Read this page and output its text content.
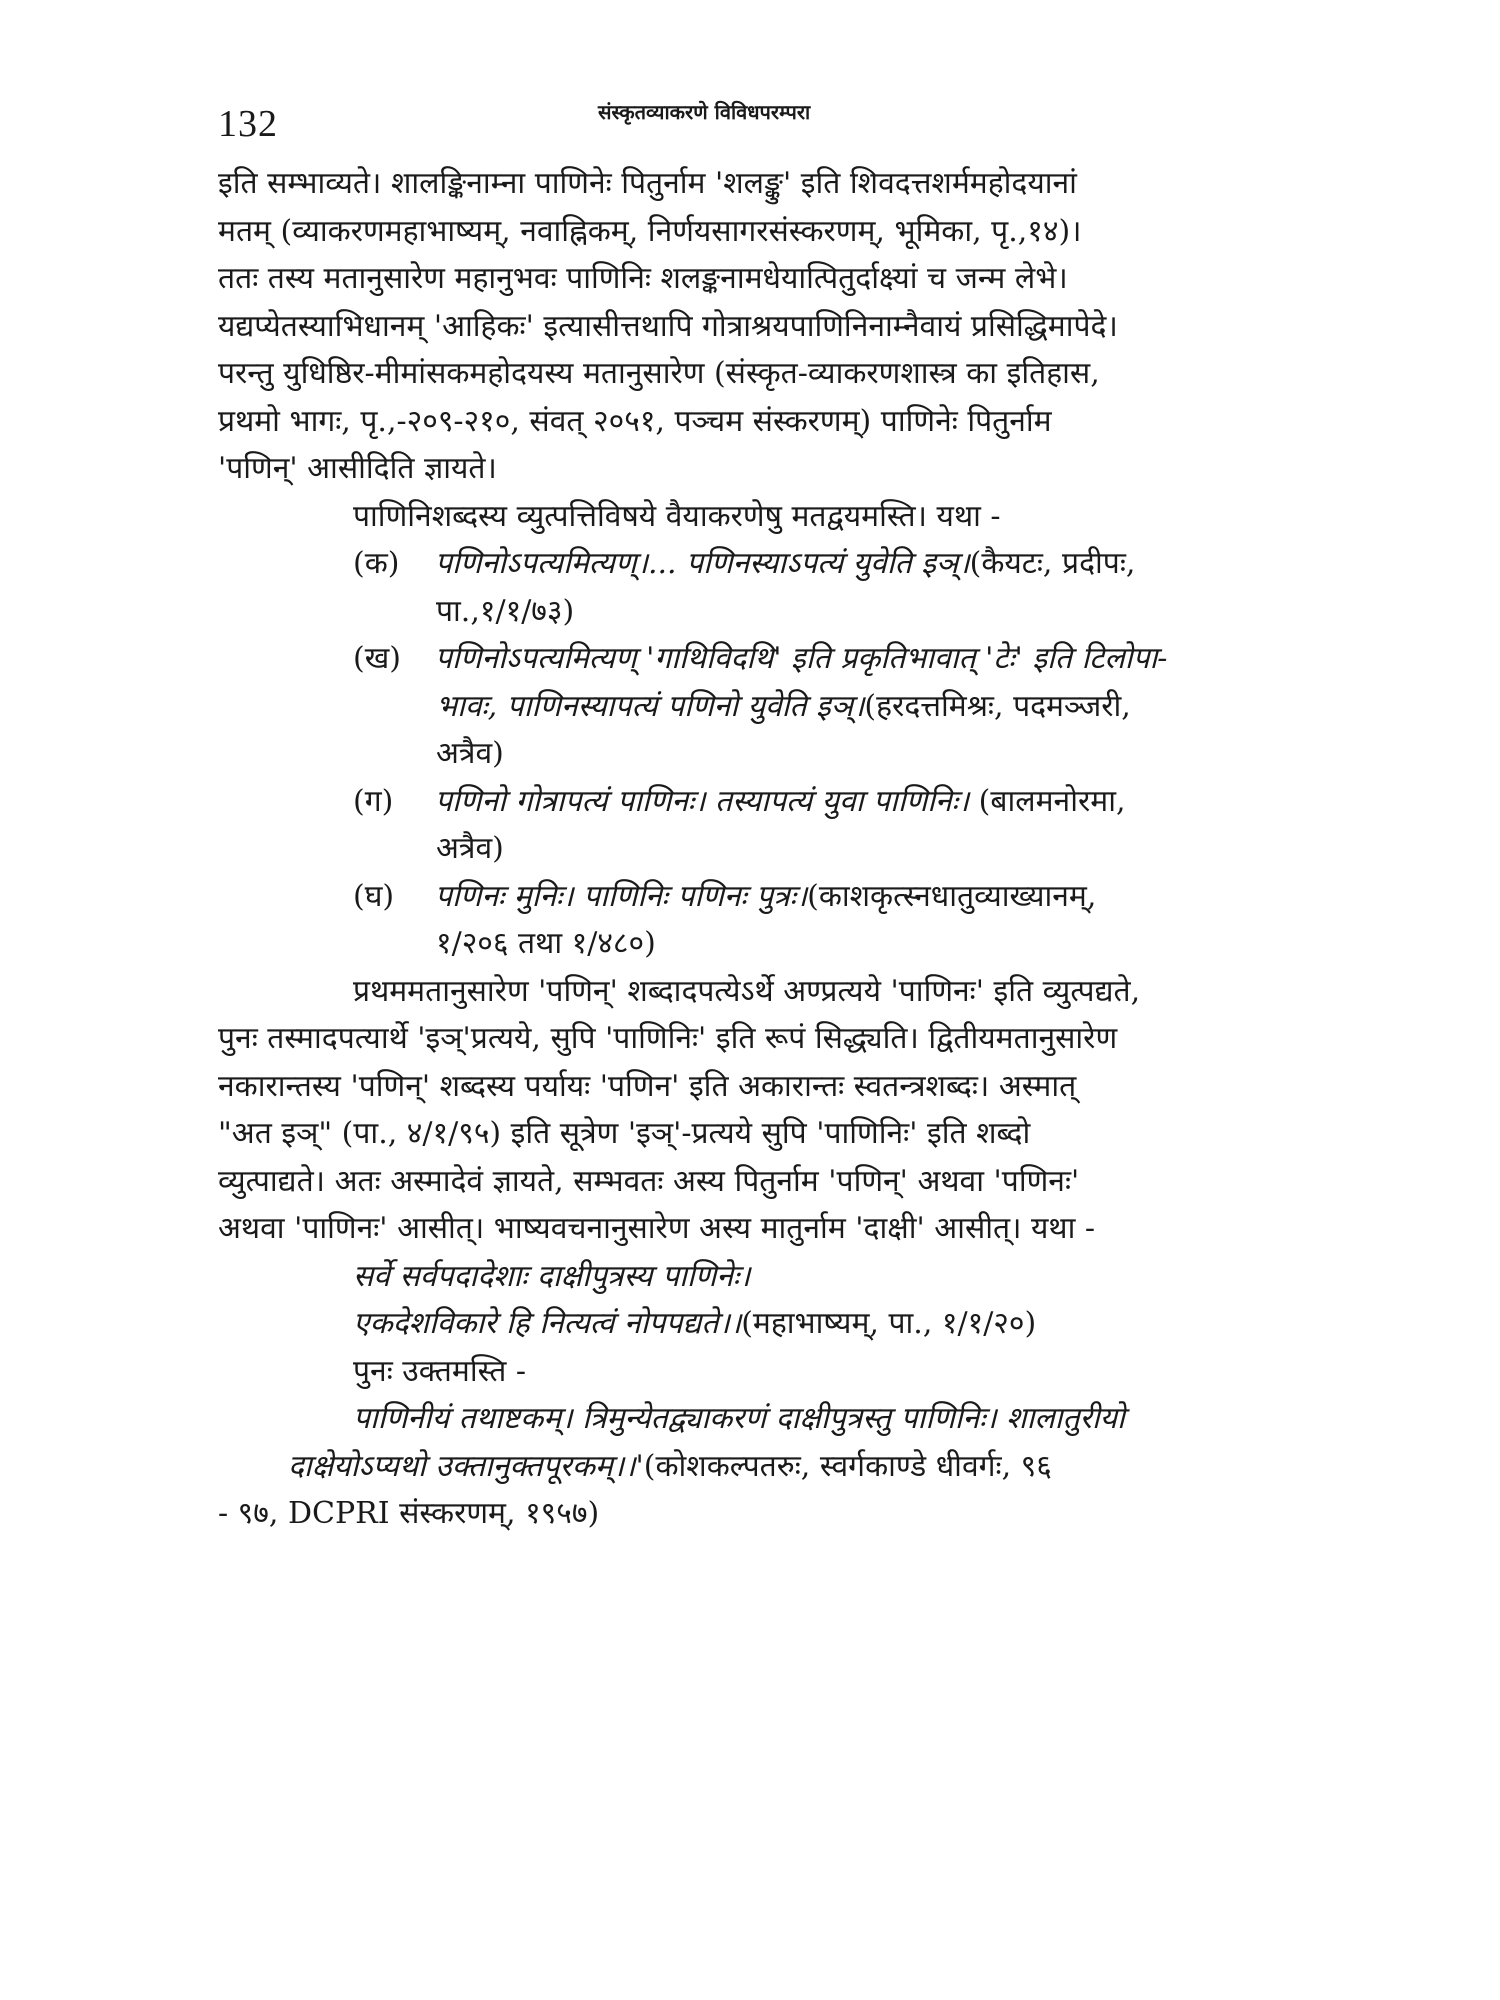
132	संस्कृतव्याकरणे विविधपरम्परा
इति सम्भाव्यते। शालङ्किनाम्ना पाणिनेः पितुर्नाम 'शलङ्कु' इति शिवदत्तशर्ममहोदयानां
मतम् (व्याकरणमहाभाष्यम्, नवाह्निकम्, निर्णयसागरसंस्करणम्, भूमिका, पृ.,१४)।
ततः तस्य मतानुसारेण महानुभवः पाणिनिः शलङ्कनामधेयात्पितुर्दाक्ष्यां च जन्म लेभे।
यद्यप्येतस्याभिधानम् 'आहिकः' इत्यासीत्तथापि गोत्राश्रयपाणिनिनाम्नैवायं प्रसिद्धिमापेदे।
परन्तु युधिष्ठिर-मीमांसकमहोदयस्य मतानुसारेण (संस्कृत-व्याकरणशास्त्र का इतिहास,
प्रथमो भागः, पृ.,-२०९-२१०, संवत् २०५१, पञ्चम संस्करणम्) पाणिनेः पितुर्नाम
'पणिन्' आसीदिति ज्ञायते।
पाणिनिशब्दस्य व्युत्पत्तिविषये वैयाकरणेषु मतद्वयमस्ति। यथा -
(क) पणिनोऽपत्यमित्यण्।... पणिनस्याऽपत्यं युवेति इञ्।(कैयटः, प्रदीपः,
पा.,१/१/७३)
(ख) पणिनोऽपत्यमित्यण् 'गाथिविदथि' इति प्रकृतिभावात् 'टेः' इति टिलोपा-
भावः, पाणिनस्यापत्यं पणिनो युवेति इञ्।(हरदत्तमिश्रः, पदमञ्जरी,
अत्रैव)
(ग) पणिनो गोत्रापत्यं पाणिनः। तस्यापत्यं युवा पाणिनिः। (बालमनोरमा,
अत्रैव)
(घ) पणिनः मुनिः। पाणिनिः पणिनः पुत्रः।(काशकृत्स्नधातुव्याख्यानम्,
१/२०६ तथा १/४८०)
प्रथममतानुसारेण 'पणिन्' शब्दादपत्येऽर्थे अण्प्रत्यये 'पाणिनः' इति व्युत्पद्यते,
पुनः तस्मादपत्यार्थे 'इञ्'प्रत्यये, सुपि 'पाणिनिः' इति रूपं सिद्ध्यति। द्वितीयमतानुसारेण
नकारान्तस्य 'पणिन्' शब्दस्य पर्यायः 'पणिन' इति अकारान्तः स्वतन्त्रशब्दः। अस्मात्
"अत इञ्" (पा., ४/१/९५) इति सूत्रेण 'इञ्'-प्रत्यये सुपि 'पाणिनिः' इति शब्दो
व्युत्पाद्यते। अतः अस्मादेवं ज्ञायते, सम्भवतः अस्य पितुर्नाम 'पणिन्' अथवा 'पणिनः'
अथवा 'पाणिनः' आसीत्। भाष्यवचनानुसारेण अस्य मातुर्नाम 'दाक्षी' आसीत्। यथा -
सर्वे सर्वपदादेशाः दाक्षीपुत्रस्य पाणिनेः।
एकदेशविकारे हि नित्यत्वं नोपपद्यते।।(महाभाष्यम्, पा., १/१/२०)
पुनः उक्तमस्ति -
पाणिनीयं तथाष्टकम्। त्रिमुन्येतद्व्याकरणं दाक्षीपुत्रस्तु पाणिनिः। शालातुरीयो
दाक्षेयोऽप्यथो उक्तानुक्तपूरकम्।।'(कोशकल्पतरुः, स्वर्गकाण्डे धीवर्गः, ९६
- ९७, DCPRI संस्करणम्, १९५७)
